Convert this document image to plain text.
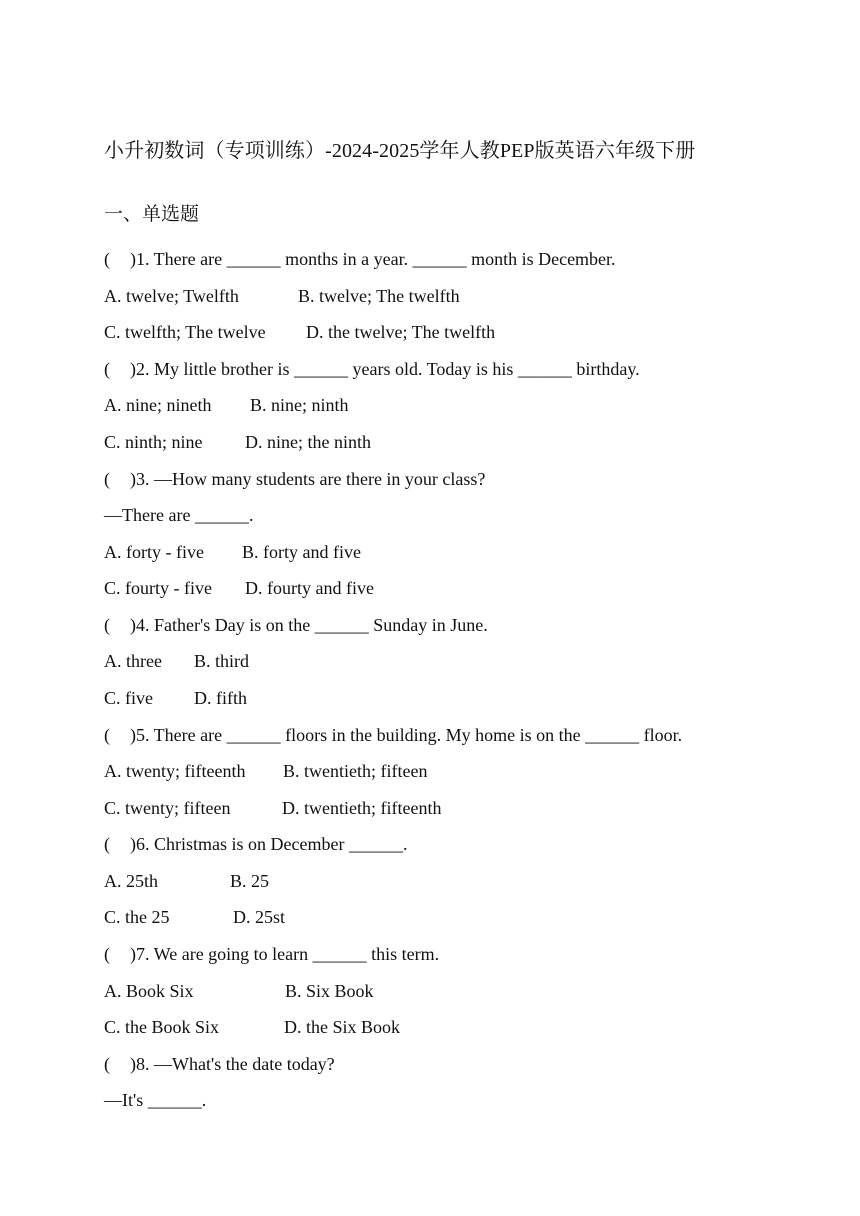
小升初数词（专项训练）-2024-2025学年人教PEP版英语六年级下册
一、单选题
( )1. There are ______ months in a year. ______ month is December.
A. twelve; Twelfth	B. twelve; The twelfth
C. twelfth; The twelve D. the twelve; The twelfth
( )2. My little brother is ______ years old. Today is his ______ birthday.
A. nine; nineth B. nine; ninth
C. ninth; nine D. nine; the ninth
( )3. —How many students are there in your class?
—There are ______.
A. forty - five B. forty and five
C. fourty - five D. fourty and five
( )4. Father's Day is on the ______ Sunday in June.
A. three B. third
C. five D. fifth
( )5. There are ______ floors in the building. My home is on the ______ floor.
A. twenty; fifteenth B. twentieth; fifteen
C. twenty; fifteen	D. twentieth; fifteenth
( )6. Christmas is on December ______.
A. 25th	B. 25
C. the 25	D. 25st
( )7. We are going to learn ______ this term.
A. Book Six	B. Six Book
C. the Book Six	D. the Six Book
( )8. —What's the date today?
—It's ______.
